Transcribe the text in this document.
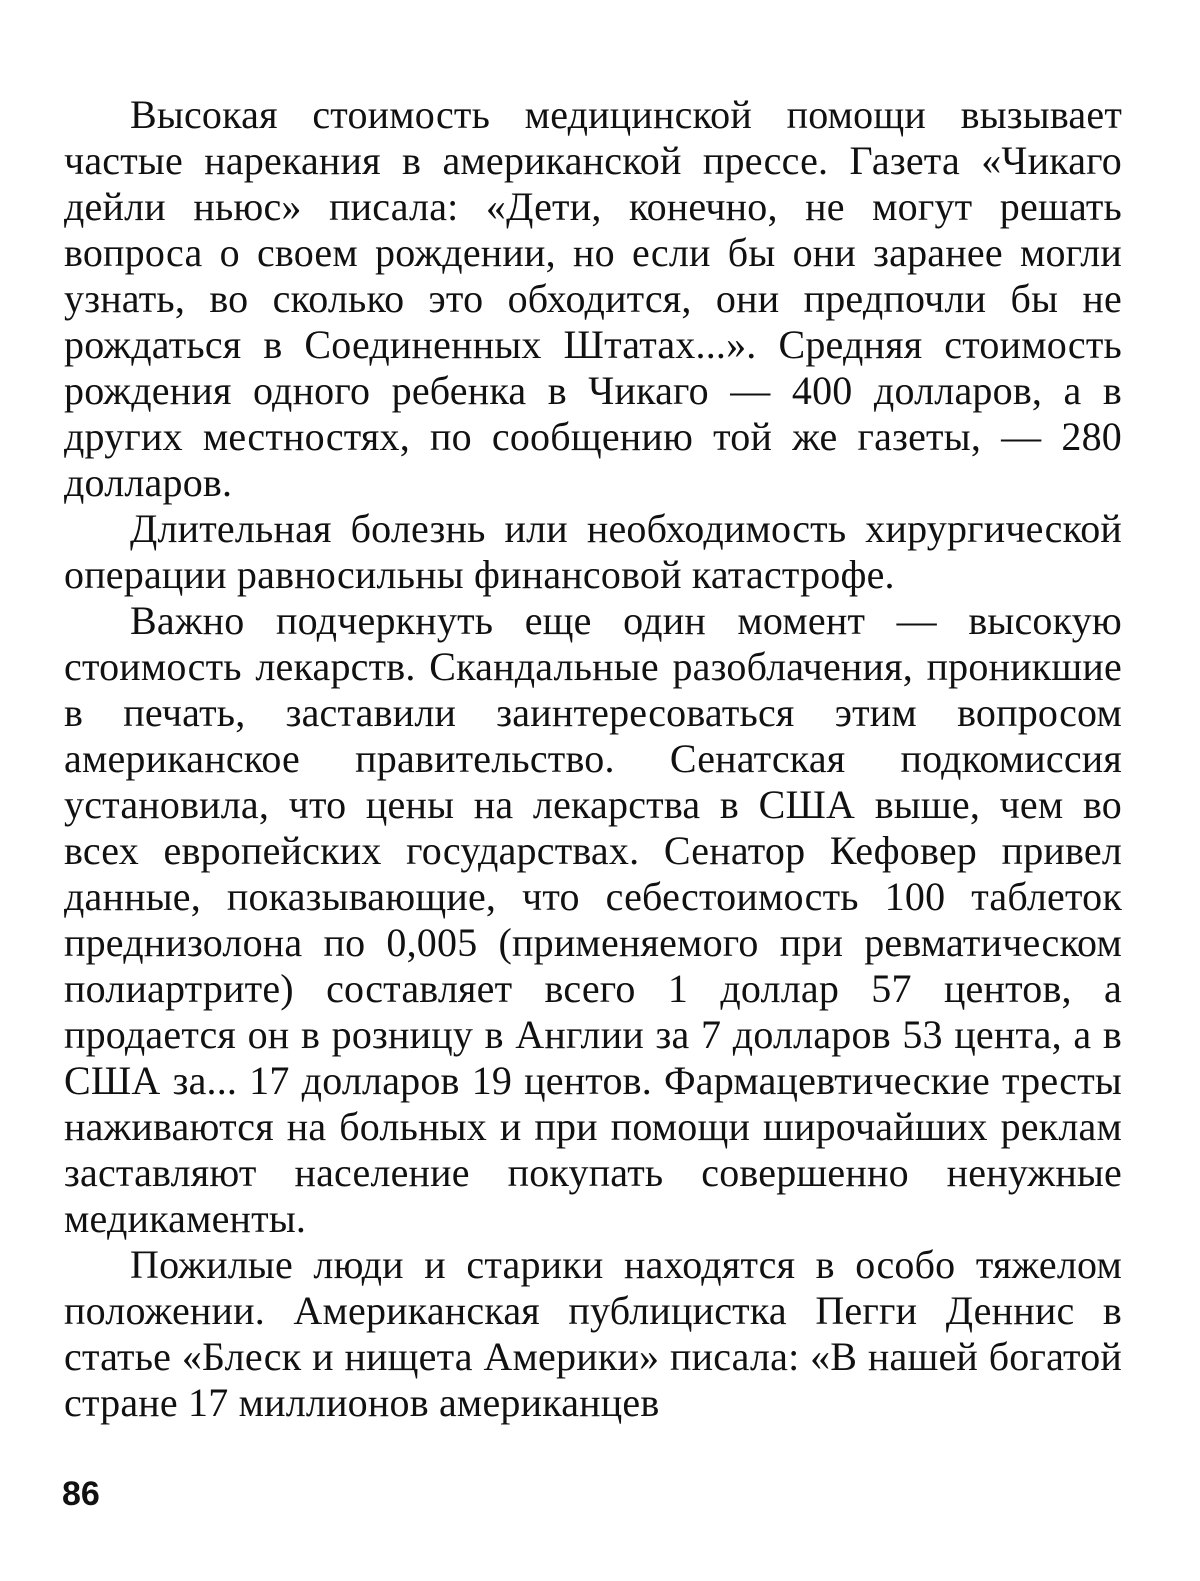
Высокая стоимость медицинской помощи вызывает частые нарекания в американской прессе. Газета «Чикаго дейли ньюс» писала: «Дети, конечно, не могут решать вопроса о своем рождении, но если бы они заранее могли узнать, во сколько это обходится, они предпочли бы не рождаться в Соединенных Штатах...». Средняя стоимость рождения одного ребенка в Чикаго — 400 долларов, а в других местностях, по сообщению той же газеты, — 280 долларов.

Длительная болезнь или необходимость хирургической операции равносильны финансовой катастрофе.

Важно подчеркнуть еще один момент — высокую стоимость лекарств. Скандальные разоблачения, проникшие в печать, заставили заинтересоваться этим вопросом американское правительство. Сенатская подкомиссия установила, что цены на лекарства в США выше, чем во всех европейских государствах. Сенатор Кефовер привел данные, показывающие, что себестоимость 100 таблеток преднизолона по 0,005 (применяемого при ревматическом полиартрите) составляет всего 1 доллар 57 центов, а продается он в розницу в Англии за 7 долларов 53 цента, а в США за... 17 долларов 19 центов. Фармацевтические тресты наживаются на больных и при помощи широчайших реклам заставляют население покупать совершенно ненужные медикаменты.

Пожилые люди и старики находятся в особо тяжелом положении. Американская публицистка Пегги Деннис в статье «Блеск и нищета Америки» писала: «В нашей богатой стране 17 миллионов американцев

86
